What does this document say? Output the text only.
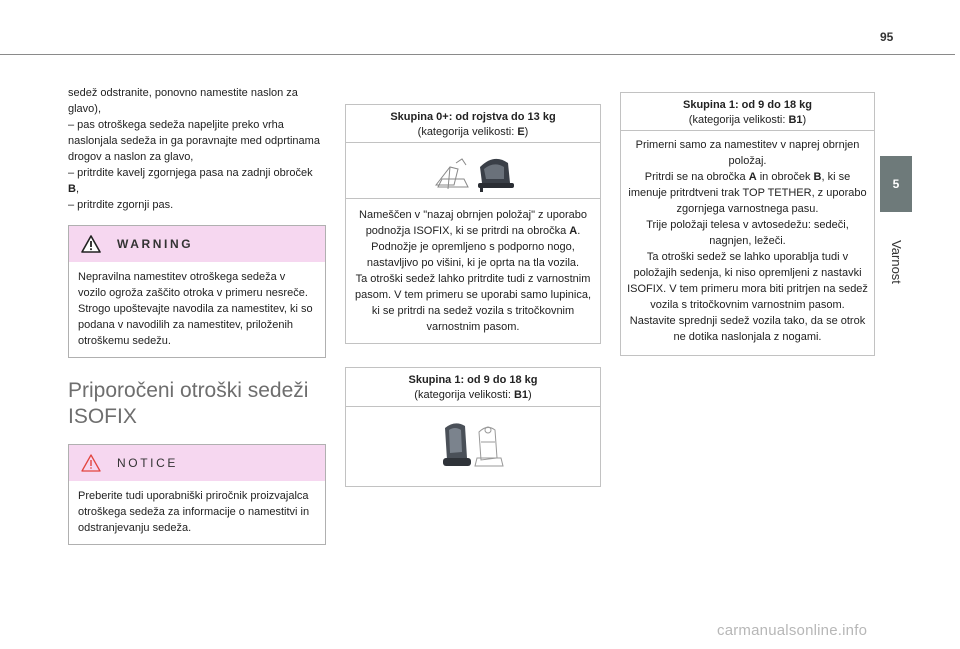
95
5
Varnost

sedež odstranite, ponovno namestite naslon za glavo),

– pas otroškega sedeža napeljite preko vrha naslonjala sedeža in ga poravnajte med odprtinama drogov a naslon za glavo,

– pritrdite kavelj zgornjega pasa na zadnji obroček B,

– pritrdite zgornji pas.

WARNING

Nepravilna namestitev otroškega sedeža v vozilo ogroža zaščito otroka v primeru nesreče.

Strogo upoštevajte navodila za namestitev, ki so podana v navodilih za namestitev, priloženih otroškemu sedežu.

Priporočeni otroški sedeži ISOFIX
NOTICE

Preberite tudi uporabniški priročnik proizvajalca otroškega sedeža za informacije o namestitvi in odstranjevanju sedeža.

Skupina 0+: od rojstva do 13 kg
(kategorija velikosti: E)

Nameščen v "nazaj obrnjen položaj" z uporabo podnožja ISOFIX, ki se pritrdi na obročka A.

Podnožje je opremljeno s podporno nogo, nastavljivo po višini, ki je oprta na tla vozila.

Ta otroški sedež lahko pritrdite tudi z varnostnim pasom. V tem primeru se uporabi samo lupinica, ki se pritrdi na sedež vozila s tritočkovnim varnostnim pasom.

Skupina 1: od 9 do 18 kg
(kategorija velikosti: B1)
Skupina 1: od 9 do 18 kg
(kategorija velikosti: B1)

Primerni samo za namestitev v naprej obrnjen položaj.

Pritrdi se na obročka A in obroček B, ki se imenuje pritrdtveni trak TOP TETHER, z uporabo zgornjega varnostnega pasu.

Trije položaji telesa v avtosedežu: sedeči, nagnjen, ležeči.

Ta otroški sedež se lahko uporablja tudi v položajih sedenja, ki niso opremljeni z nastavki ISOFIX. V tem primeru mora biti pritrjen na sedež vozila s tritočkovnim varnostnim pasom. Nastavite sprednji sedež vozila tako, da se otrok ne dotika naslonjala z nogami.

carmanualsonline.info
